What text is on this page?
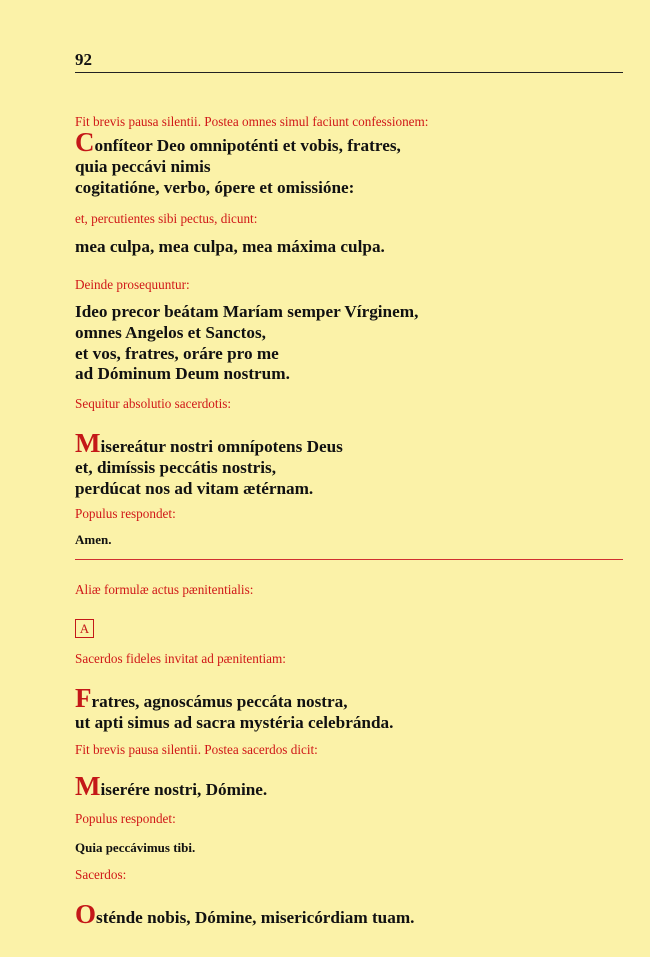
92
Fit brevis pausa silentii. Postea omnes simul faciunt confessionem:
Confíteor Deo omnipoténti et vobis, fratres,
quia peccávi nimis
cogitatióne, verbo, ópere et omissióne:
et, percutientes sibi pectus, dicunt:
mea culpa, mea culpa, mea máxima culpa.
Deinde prosequuntur:
Ideo precor beátam Maríam semper Vírginem,
omnes Angelos et Sanctos,
et vos, fratres, oráre pro me
ad Dóminum Deum nostrum.
Sequitur absolutio sacerdotis:
Misereátur nostri omnípotens Deus
et, dimíssis peccátis nostris,
perdúcat nos ad vitam ætérnam.
Populus respondet:
Amen.
Aliæ formulæ actus pænitentialis:
A
Sacerdos fideles invitat ad pænitentiam:
Fratres, agnoscámus peccáta nostra,
ut apti simus ad sacra mystéria celebránda.
Fit brevis pausa silentii. Postea sacerdos dicit:
Miserére nostri, Dómine.
Populus respondet:
Quia peccávimus tibi.
Sacerdos:
Osténde nobis, Dómine, misericórdiam tuam.
